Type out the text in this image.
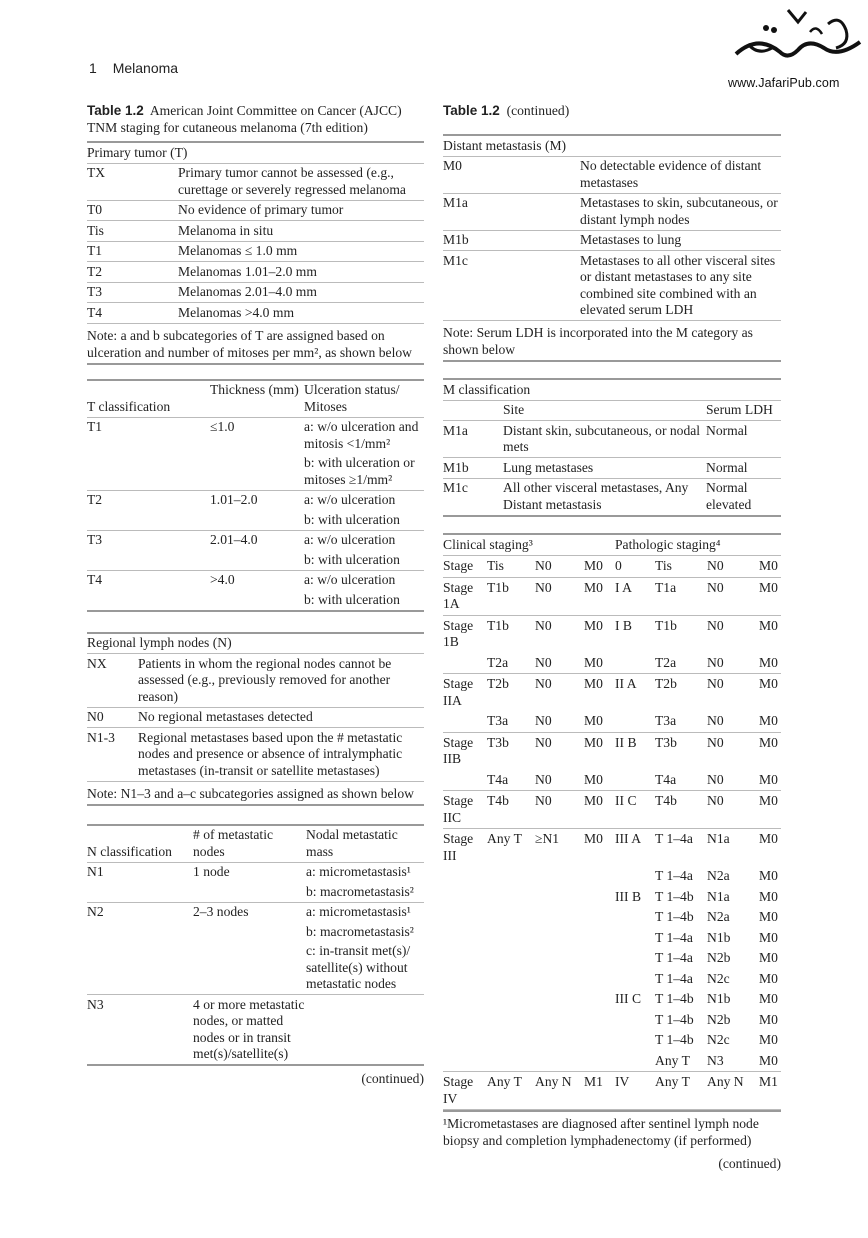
1 Melanoma
www.JafariPub.com
Table 1.2 American Joint Committee on Cancer (AJCC) TNM staging for cutaneous melanoma (7th edition)
Primary tumor (T)	
TX	Primary tumor cannot be assessed (e.g., curettage or severely regressed melanoma
T0	No evidence of primary tumor
Tis	Melanoma in situ
T1	Melanomas ≤ 1.0 mm
T2	Melanomas 1.01–2.0 mm
T3	Melanomas 2.01–4.0 mm
T4	Melanomas >4.0 mm
Note: a and b subcategories of T are assigned based on ulceration and number of mitoses per mm², as shown below	
T classification	Thickness (mm)	Ulceration status/ Mitoses
T1	≤1.0	a: w/o ulceration and mitosis <1/mm²
		b: with ulceration or mitoses ≥1/mm²
T2	1.01–2.0	a: w/o ulceration
		b: with ulceration
T3	2.01–4.0	a: w/o ulceration
		b: with ulceration
T4	>4.0	a: w/o ulceration
		b: with ulceration
Regional lymph nodes (N)	
NX	Patients in whom the regional nodes cannot be assessed (e.g., previously removed for another reason)
N0	No regional metastases detected
N1-3	Regional metastases based upon the # metastatic nodes and presence or absence of intralymphatic metastases (in-transit or satellite metastases)
Note: N1–3 and a–c subcategories assigned as shown below	
N classification	# of metastatic nodes	Nodal metastatic mass
N1	1 node	a: micrometastasis¹
		b: macrometastasis²
N2	2–3 nodes	a: micrometastasis¹
		b: macrometastasis²
		c: in-transit met(s)/ satellite(s) without metastatic nodes
N3	4 or more metastatic nodes, or matted nodes or in transit met(s)/satellite(s)	
(continued)
Table 1.2 (continued)
Distant metastasis (M)	
M0	No detectable evidence of distant metastases
M1a	Metastases to skin, subcutaneous, or distant lymph nodes
M1b	Metastases to lung
M1c	Metastases to all other visceral sites or distant metastases to any site combined site combined with an elevated serum LDH
Note: Serum LDH is incorporated into the M category as shown below	
M classification		
	Site	Serum LDH
M1a	Distant skin, subcutaneous, or nodal mets	Normal
M1b	Lung metastases	Normal
M1c	All other visceral metastases, Any Distant metastasis	Normal elevated
Clinical staging³				Pathologic staging⁴			
Stage	Tis	N0	M0	0	Tis	N0	M0
Stage 1A	T1b	N0	M0	I A	T1a	N0	M0
Stage 1B	T1b	N0	M0	I B	T1b	N0	M0
	T2a	N0	M0		T2a	N0	M0
Stage IIA	T2b	N0	M0	II A	T2b	N0	M0
	T3a	N0	M0		T3a	N0	M0
Stage IIB	T3b	N0	M0	II B	T3b	N0	M0
	T4a	N0	M0		T4a	N0	M0
Stage IIC	T4b	N0	M0	II C	T4b	N0	M0
Stage III	Any T	≥N1	M0	III A	T 1–4a	N1a	M0
					T 1–4a	N2a	M0
				III B	T 1–4b	N1a	M0
					T 1–4b	N2a	M0
					T 1–4a	N1b	M0
					T 1–4a	N2b	M0
					T 1–4a	N2c	M0
				III C	T 1–4b	N1b	M0
					T 1–4b	N2b	M0
					T 1–4b	N2c	M0
					Any T	N3	M0
Stage IV	Any T	Any N	M1	IV	Any T	Any N	M1
¹Micrometastases are diagnosed after sentinel lymph node biopsy and completion lymphadenectomy (if performed)
(continued)
